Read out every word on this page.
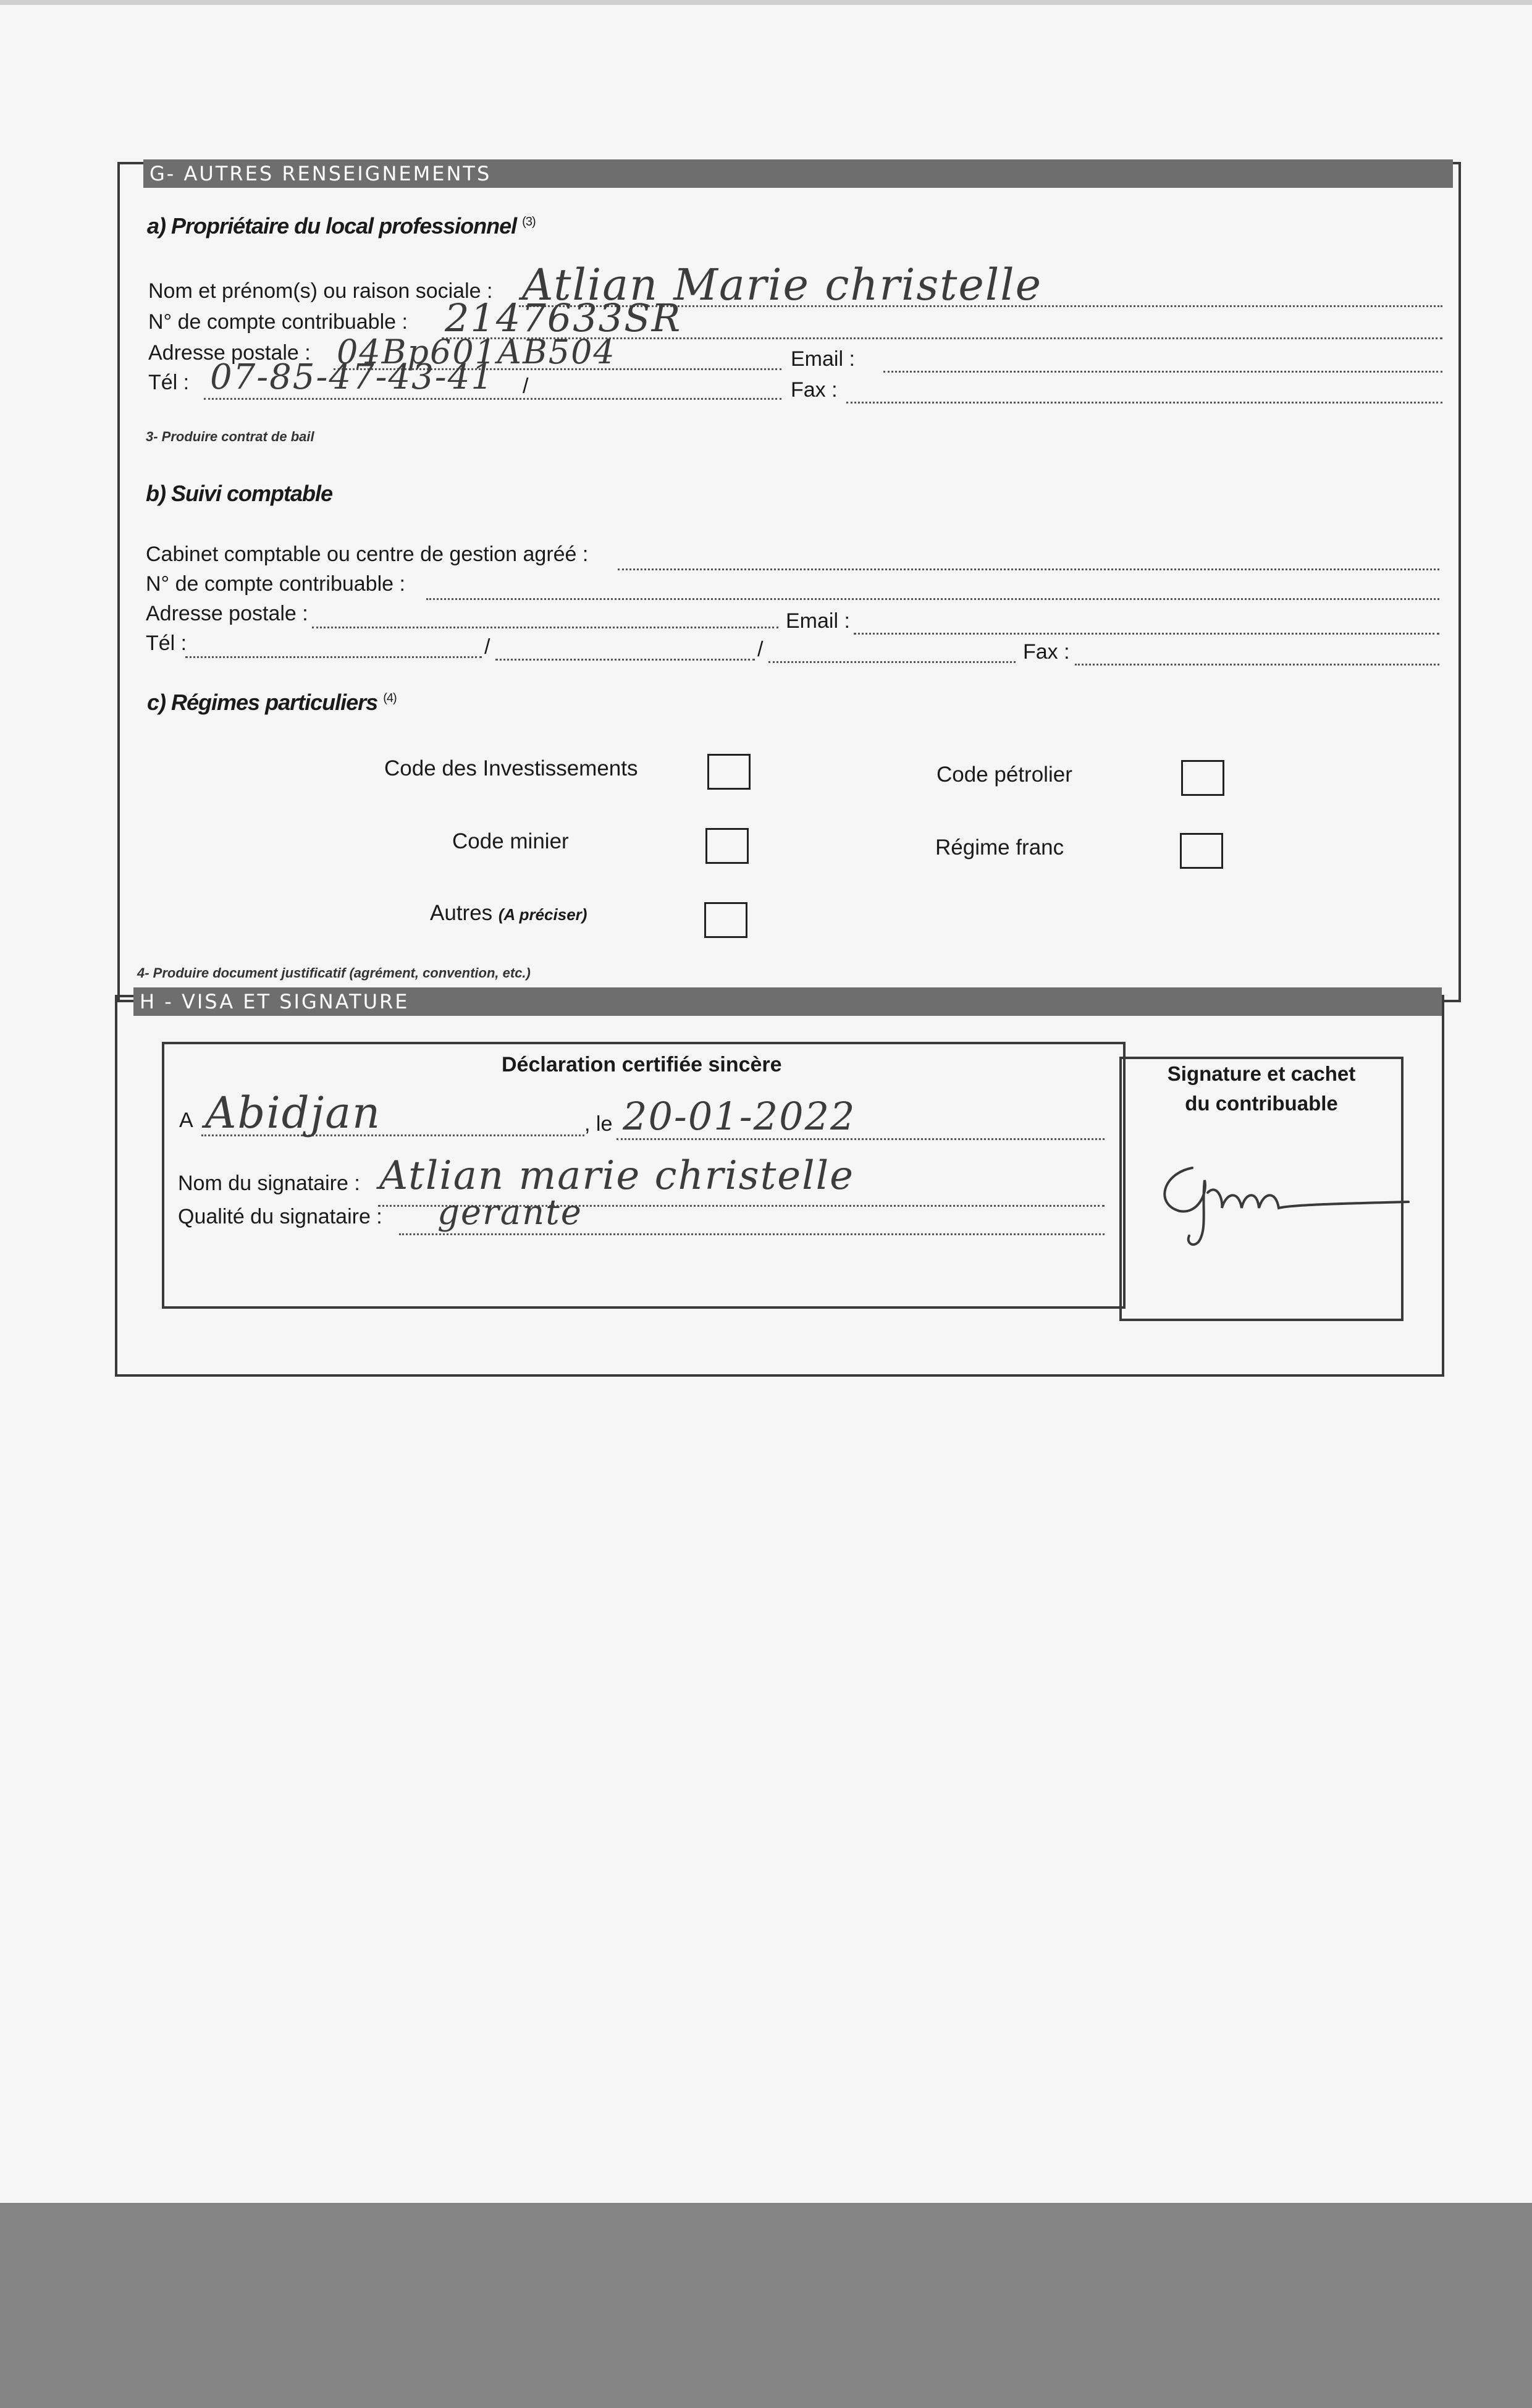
G- AUTRES RENSEIGNEMENTS
a) Propriétaire du local professionnel $^{(3)}$
Nom et prénom(s) ou raison sociale : Atlian Marie christelle
N° de compte contribuable : 2147633SR
Adresse postale : 04Bp601AB504	Email :
Tél : 07-85-47-43-41 /	Fax :
3- Produire contrat de bail
b) Suivi comptable
Cabinet comptable ou centre de gestion agréé :
N° de compte contribuable :
Adresse postale :	Email :
Tél :	/	/	Fax :
c) Régimes particuliers $^{(4)}$
Code des Investissements	Code pétrolier
Code minier	Régime franc
Autres (A préciser)
4- Produire document justificatif (agrément, convention, etc.)
H - VISA ET SIGNATURE
Déclaration certifiée sincère
A Abidjan	, le 20-01-2022
Nom du signataire : Atlian marie christelle
Qualité du signataire : gerante
Signature et cachet
du contribuable
